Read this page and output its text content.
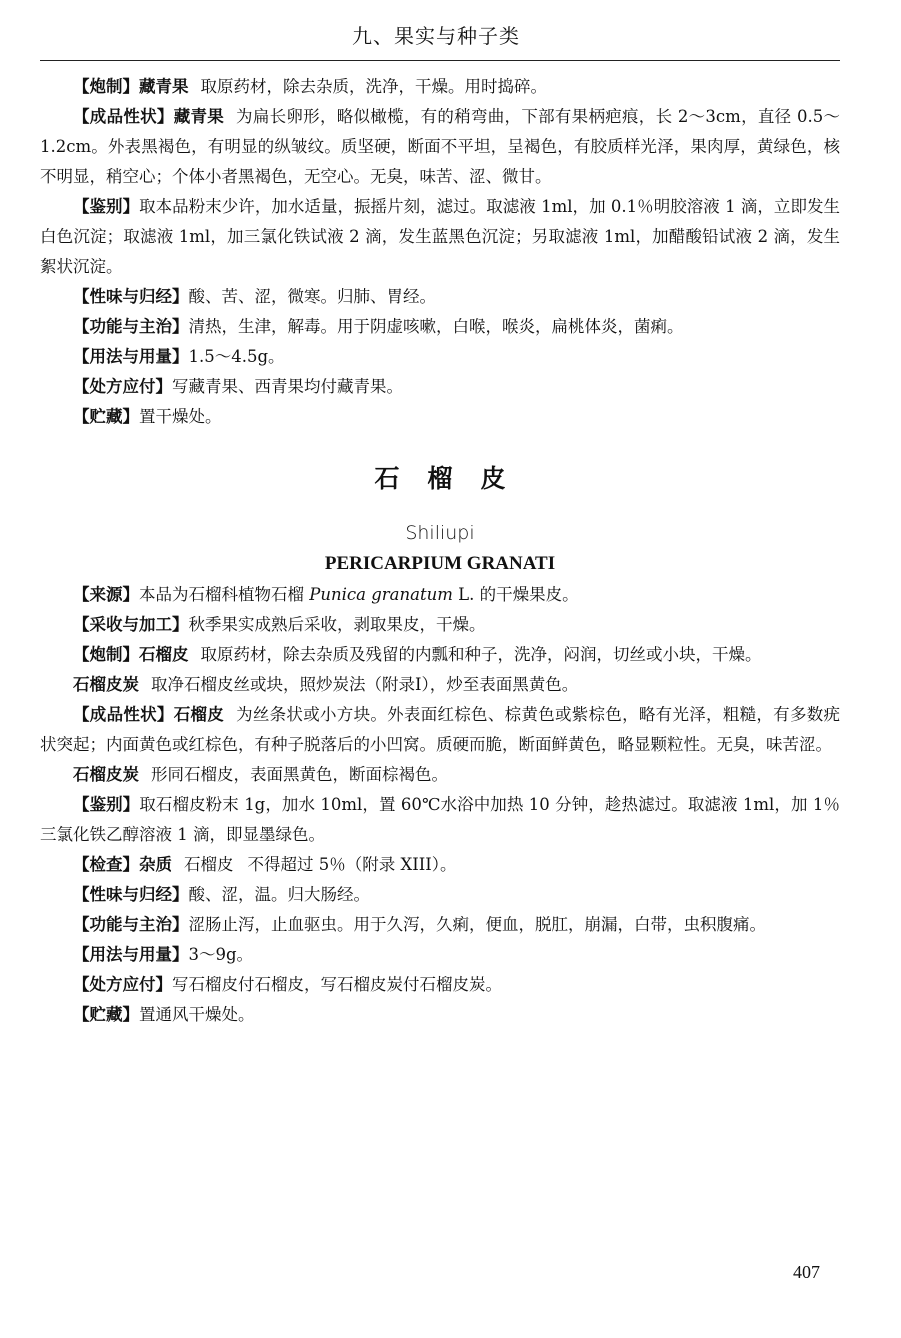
九、果实与种子类

【炮制】藏青果 取原药材，除去杂质，洗净，干燥。用时捣碎。

【成品性状】藏青果 为扁长卵形，略似橄榄，有的稍弯曲，下部有果柄疤痕，长 2～3cm，直径 0.5～1.2cm。外表黑褐色，有明显的纵皱纹。质坚硬，断面不平坦，呈褐色，有胶质样光泽，果肉厚，黄绿色，核不明显，稍空心；个体小者黑褐色，无空心。无臭，味苦、涩、微甘。

【鉴别】取本品粉末少许，加水适量，振摇片刻，滤过。取滤液 1ml，加 0.1％明胶溶液 1 滴，立即发生白色沉淀；取滤液 1ml，加三氯化铁试液 2 滴，发生蓝黑色沉淀；另取滤液 1ml，加醋酸铅试液 2 滴，发生絮状沉淀。

【性味与归经】酸、苦、涩，微寒。归肺、胃经。

【功能与主治】清热，生津，解毒。用于阴虚咳嗽，白喉，喉炎，扁桃体炎，菌痢。

【用法与用量】1.5～4.5g。

【处方应付】写藏青果、西青果均付藏青果。

【贮藏】置干燥处。

石榴皮
Shiliupi
PERICARPIUM GRANATI

【来源】本品为石榴科植物石榴 Punica granatum L. 的干燥果皮。

【采收与加工】秋季果实成熟后采收，剥取果皮，干燥。

【炮制】石榴皮 取原药材，除去杂质及残留的内瓢和种子，洗净，闷润，切丝或小块，干燥。

石榴皮炭 取净石榴皮丝或块，照炒炭法（附录Ⅰ），炒至表面黑黄色。

【成品性状】石榴皮 为丝条状或小方块。外表面红棕色、棕黄色或紫棕色，略有光泽，粗糙，有多数疣状突起；内面黄色或红棕色，有种子脱落后的小凹窝。质硬而脆，断面鲜黄色，略显颗粒性。无臭，味苦涩。

石榴皮炭 形同石榴皮，表面黑黄色，断面棕褐色。

【鉴别】取石榴皮粉末 1g，加水 10ml，置 60℃水浴中加热 10 分钟，趁热滤过。取滤液 1ml，加 1％三氯化铁乙醇溶液 1 滴，即显墨绿色。

【检查】杂质 石榴皮 不得超过 5％（附录 XIII）。

【性味与归经】酸、涩，温。归大肠经。

【功能与主治】涩肠止泻，止血驱虫。用于久泻，久痢，便血，脱肛，崩漏，白带，虫积腹痛。

【用法与用量】3～9g。

【处方应付】写石榴皮付石榴皮，写石榴皮炭付石榴皮炭。

【贮藏】置通风干燥处。

407
